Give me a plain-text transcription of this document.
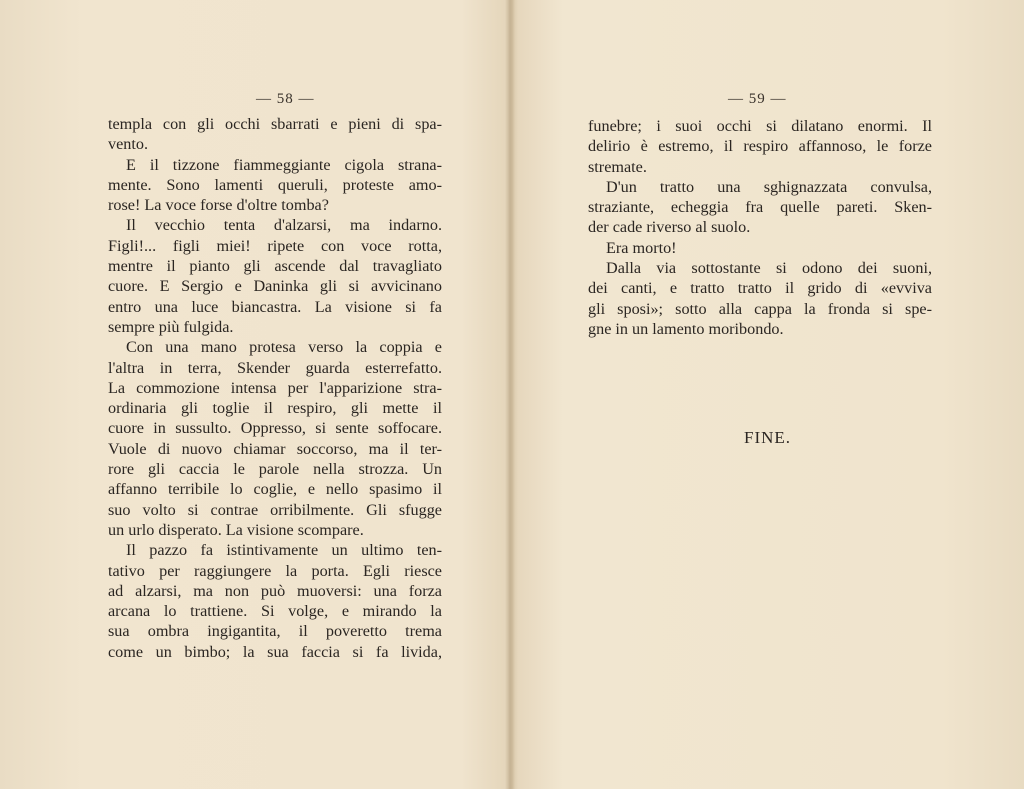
— 58 —
templa con gli occhi sbarrati e pieni di spa-
vento.
E il tizzone fiammeggiante cigola strana-
mente. Sono lamenti queruli, proteste amo-
rose! La voce forse d'oltre tomba?
Il vecchio tenta d'alzarsi, ma indarno.
Figli!... figli miei! ripete con voce rotta,
mentre il pianto gli ascende dal travagliato
cuore. E Sergio e Daninka gli si avvicinano
entro una luce biancastra. La visione si fa
sempre più fulgida.
Con una mano protesa verso la coppia e
l'altra in terra, Skender guarda esterrefatto.
La commozione intensa per l'apparizione stra-
ordinaria gli toglie il respiro, gli mette il
cuore in sussulto. Oppresso, si sente soffocare.
Vuole di nuovo chiamar soccorso, ma il ter-
rore gli caccia le parole nella strozza. Un
affanno terribile lo coglie, e nello spasimo il
suo volto si contrae orribilmente. Gli sfugge
un urlo disperato. La visione scompare.
Il pazzo fa istintivamente un ultimo ten-
tativo per raggiungere la porta. Egli riesce
ad alzarsi, ma non può muoversi: una forza
arcana lo trattiene. Si volge, e mirando la
sua ombra ingigantita, il poveretto trema
come un bimbo; la sua faccia si fa livida,
— 59 —
funebre; i suoi occhi si dilatano enormi. Il
delirio è estremo, il respiro affannoso, le forze
stremate.
D'un tratto una sghignazzata convulsa,
straziante, echeggia fra quelle pareti. Sken-
der cade riverso al suolo.
Era morto!
Dalla via sottostante si odono dei suoni,
dei canti, e tratto tratto il grido di «evviva
gli sposi»; sotto alla cappa la fronda si spe-
gne in un lamento moribondo.
FINE.
